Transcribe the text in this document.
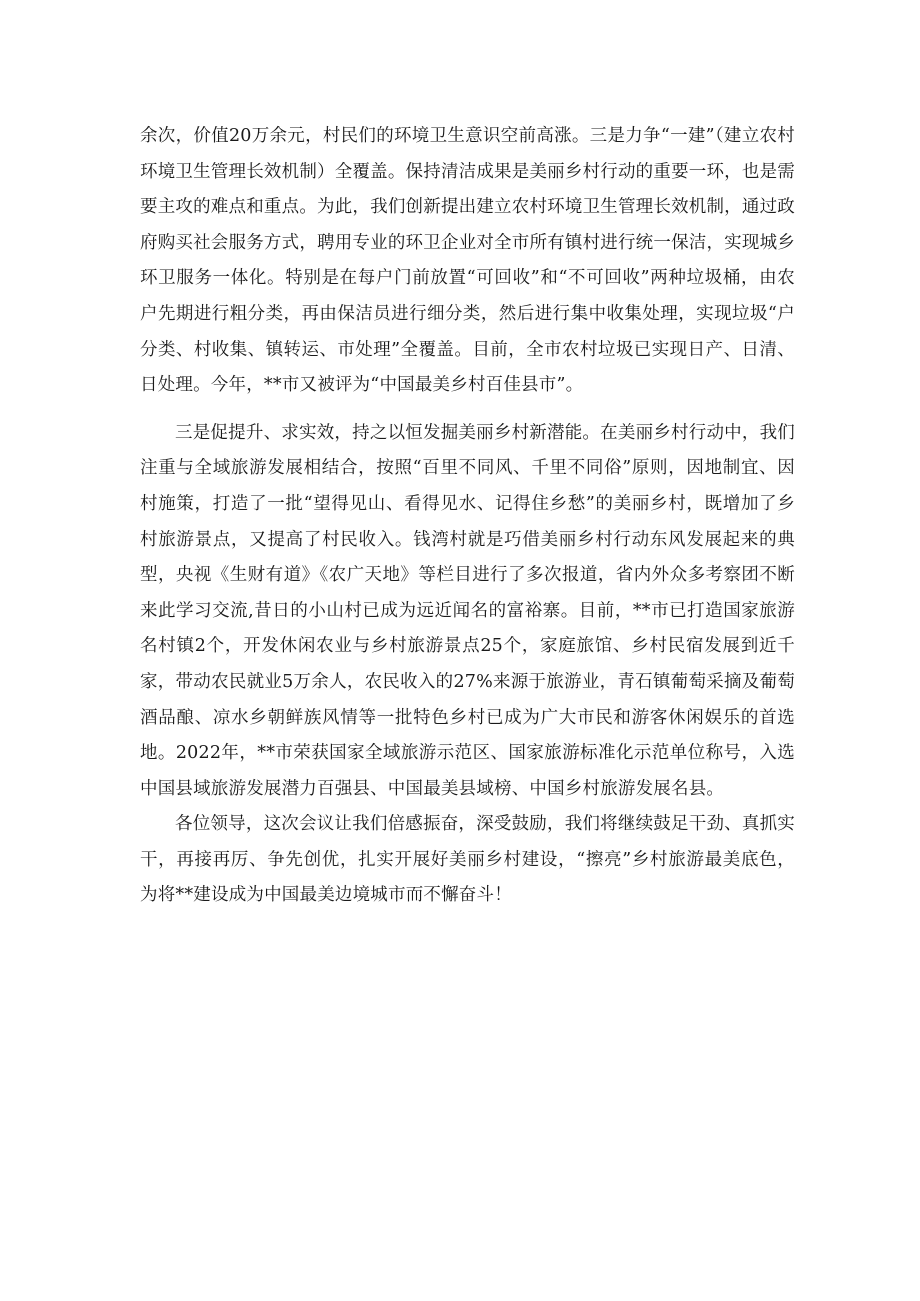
余次，价值20万余元，村民们的环境卫生意识空前高涨。三是力争“一建”（建立农村环境卫生管理长效机制）全覆盖。保持清洁成果是美丽乡村行动的重要一环，也是需要主攻的难点和重点。为此，我们创新提出建立农村环境卫生管理长效机制，通过政府购买社会服务方式，聘用专业的环卫企业对全市所有镇村进行统一保洁，实现城乡环卫服务一体化。特别是在每户门前放置“可回收”和“不可回收”两种垃圾桶，由农户先期进行粗分类，再由保洁员进行细分类，然后进行集中收集处理，实现垃圾“户分类、村收集、镇转运、市处理”全覆盖。目前，全市农村垃圾已实现日产、日清、日处理。今年，**市又被评为“中国最美乡村百佳县市”。

三是促提升、求实效，持之以恒发掘美丽乡村新潜能。在美丽乡村行动中，我们注重与全域旅游发展相结合，按照“百里不同风、千里不同俗”原则，因地制宜、因村施策，打造了一批“望得见山、看得见水、记得住乡愁”的美丽乡村，既增加了乡村旅游景点，又提高了村民收入。钱湾村就是巧借美丽乡村行动东风发展起来的典型，央视《生财有道》《农广天地》等栏目进行了多次报道，省内外众多考察团不断来此学习交流,昔日的小山村已成为远近闻名的富裕寨。目前，**市已打造国家旅游名村镇2个，开发休闲农业与乡村旅游景点25个，家庭旅馆、乡村民宿发展到近千家，带动农民就业5万余人，农民收入的27%来源于旅游业，青石镇葡萄采摘及葡萄酒品酿、凉水乡朝鲜族风情等一批特色乡村已成为广大市民和游客休闲娱乐的首选地。2022年，**市荣获国家全域旅游示范区、国家旅游标准化示范单位称号，入选中国县域旅游发展潜力百强县、中国最美县域榜、中国乡村旅游发展名县。

各位领导，这次会议让我们倍感振奋，深受鼓励，我们将继续鼓足干劲、真抓实干，再接再厉、争先创优，扎实开展好美丽乡村建设，“擦亮”乡村旅游最美底色，为将**建设成为中国最美边境城市而不懈奋斗！
